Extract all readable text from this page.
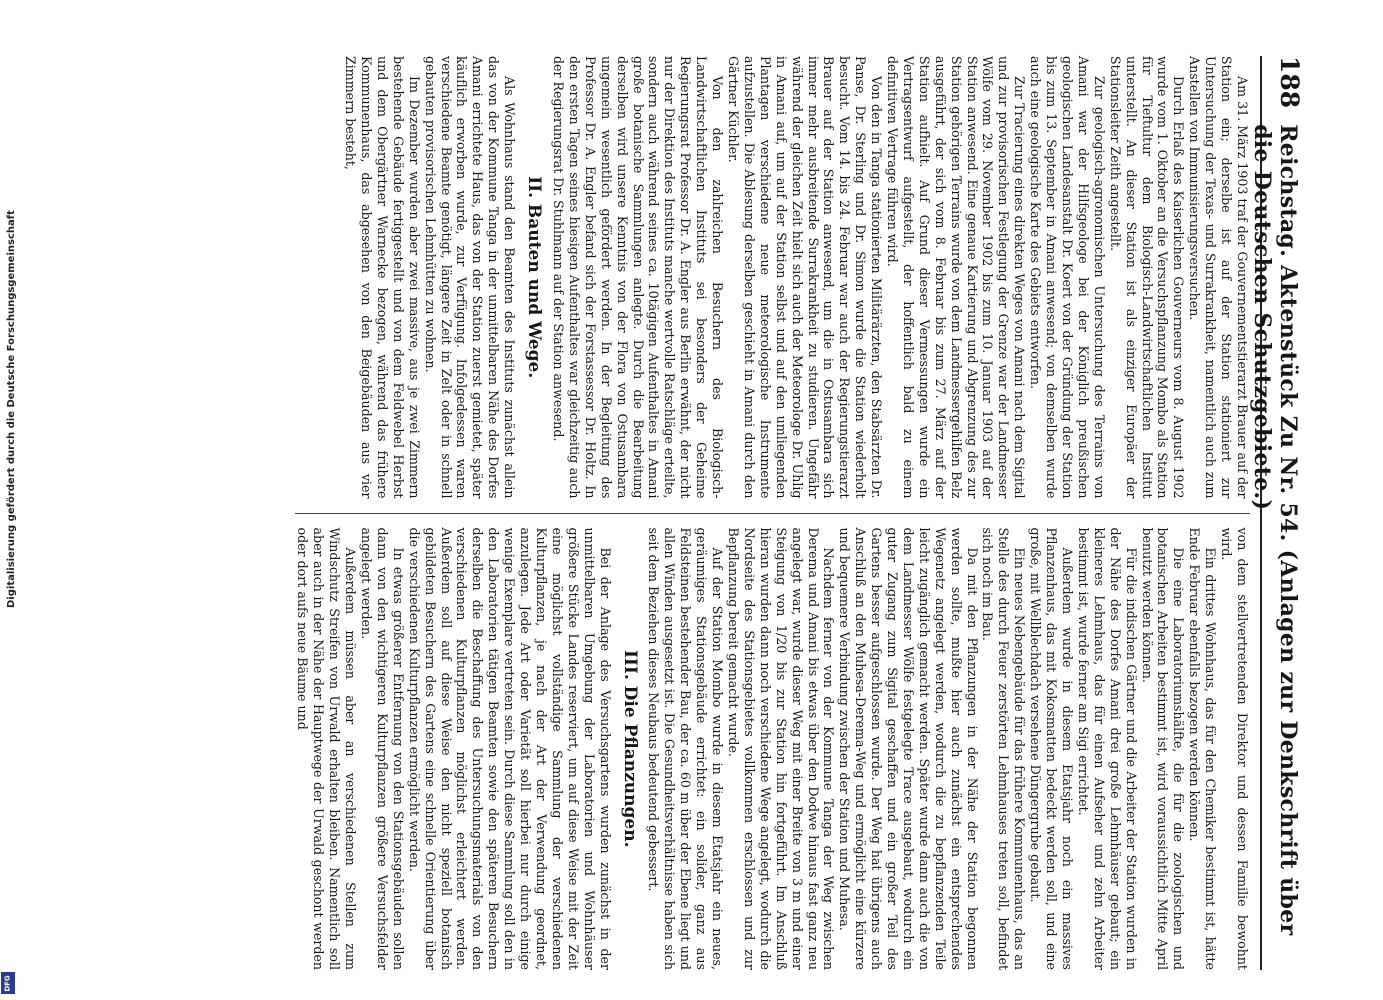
188
Reichstag. Aktenstück Zu Nr. 54. (Anlagen zur Denkschrift über die Deutschen Schutzgebiete.)

Am 31. März 1903 traf der Gouvernementstierarzt Brauer auf der Station ein; derselbe ist auf der Station stationiert zur Untersuchung der Texas- und Surrakrankheit, namentlich auch zum Anstellen von Immunisierungsversuchen.

Durch Erlaß des Kaiserlichen Gouverneurs vom 8. August 1902 wurde vom 1. Oktober an die Versuchspflanzung Mombo als Station für Tieftultur dem Biologisch-Landwirtschaftlichen Institut unterstellt. An dieser Station ist als einziger Europäer der Stationsleiter Zeith angestellt.

Zur geologisch-agronomischen Untersuchung des Terrains von Amani war der Hilfsgeologe bei der Königlich preußischen geologischen Landesanstalt Dr. Koert von der Gründung der Station bis zum 13. September in Amani anwesend; von demselben wurde auch eine geologische Karte des Gebiets entworfen.

Zur Tracierung eines direkten Weges von Amani nach dem Sigital und zur provisorischen Festlegung der Grenze war der Landmesser Wölfe vom 29. November 1902 bis zum 10. Januar 1903 auf der Station anwesend. Eine genaue Kartierung und Abgrenzung des zur Station gehörigen Terrains wurde von dem Landmessergehilfen Belz ausgeführt, der sich vom 8. Februar bis zum 27. März auf der Station aufhielt. Auf Grund dieser Vermessungen wurde ein Vertragsentwurf aufgestellt, der hoffentlich bald zu einem definitiven Vertrage führen wird.

Von den in Tanga stationierten Militärärzten, den Stabsärzten Dr. Panse, Dr. Sterling und Dr. Simon wurde die Station wiederholt besucht. Vom 14. bis 24. Februar war auch der Regierungstierarzt Brauer auf der Station anwesend, um die in Ostusambara sich immer mehr ausbreitende Surrakrankheit zu studieren. Ungefähr während der gleichen Zeit hielt sich auch der Meteorologe Dr. Uhlig in Amani auf, um auf der Station selbst und auf den umliegenden Plantagen verschiedene neue meteorologische Instrumente aufzustellen. Die Ablesung derselben geschieht in Amani durch den Gärtner Küchler.

Von den zahlreichen Besuchern des Biologisch-Landwirtschaftlichen Instituts sei besonders der Geheime Regierungsrat Professor Dr. A. Engler aus Berlin erwähnt, der nicht nur der Direktion des Instituts manche wertvolle Ratschläge erteilte, sondern auch während seines ca. 10tägigen Aufenthaltes in Amani große botanische Sammlungen anlegte. Durch die Bearbeitung derselben wird unsere Kenntnis von der Flora von Ostusambara ungemein wesentlich gefördert werden. In der Begleitung des Professor Dr. A. Engler befand sich der Forstassessor Dr. Holtz. In den ersten Tagen seines hiesigen Aufenthaltes war gleichzeitig auch der Regierungsrat Dr. Stuhlmann auf der Station anwesend.

II. Bauten und Wege.

Als Wohnhaus stand den Beamten des Instituts zunächst allein das von der Kommune Tanga in der unmittelbaren Nähe des Dorfes Amani errichtete Haus, das von der Station zuerst gemietet, später käuflich erworben wurde, zur Verfügung. Infolgedessen waren verschiedene Beamte genötigt, längere Zeit in Zelt oder in schnell gebauten provisorischen Lehmhütten zu wohnen.

Im Dezember wurden aber zwei massive, aus je zwei Zimmern bestehende Gebäude fertiggestellt und von dem Feldwebel Herbst und dem Obergärtner Warnecke bezogen, während das frühere Kommunenhaus, das abgesehen von den Beigebäuden aus vier Zimmern besteht,

von dem stellvertretenden Direktor und dessen Familie bewohnt wird.

Ein drittes Wohnhaus, das für den Chemiker bestimmt ist, hätte Ende Februar ebenfalls bezogen werden können.

Die eine Laboratoriumshälfte, die für die zoologischen und botanischen Arbeiten bestimmt ist, wird voraussichtlich Mitte April benutzt werden können.

Für die indischen Gärtner und die Arbeiter der Station wurden in der Nähe des Dorfes Amani drei große Lehmhäuser gebaut; ein kleineres Lehmhaus, das für einen Aufseher und zehn Arbeiter bestimmt ist, wurde ferner am Sigi errichtet.

Außerdem wurde in diesem Etatsjahr noch ein massives Pflanzenhaus, das mit Kokosmatten bedeckt werden soll, und eine große, mit Wellblechdach versehene Düngergrube gebaut.

Ein neues Nebengebäude für das frühere Kommunenhaus, das an Stelle des durch Feuer zerstörten Lehmhauses treten soll, befindet sich noch im Bau.

Da mit den Pflanzungen in der Nähe der Station begonnen werden sollte, mußte hier auch zunächst ein entsprechendes Wegenetz angelegt werden, wodurch die zu bepflanzenden Teile leicht zugänglich gemacht werden. Später wurde dann auch die von dem Landmesser Wölfe festgelegte Trace ausgebaut, wodurch ein guter Zugang zum Sigital geschaffen und ein großer Teil des Gartens besser aufgeschlossen wurde. Der Weg hat übrigens auch Anschluß an den Muhesa-Derema-Weg und ermöglicht eine kürzere und bequemere Verbindung zwischen der Station und Muhesa.

Nachdem ferner von der Kommune Tanga der Weg zwischen Derema und Amani bis etwas über den Dodwe hinaus fast ganz neu angelegt war, wurde dieser Weg mit einer Breite von 3 m und einer Steigung von 1/20 bis zur Station hin fortgeführt. Im Anschluß hieran wurden dann noch verschiedene Wege angelegt, wodurch die Nordseite des Stationsgebietes vollkommen erschlossen und zur Bepflanzung bereit gemacht wurde.

Auf der Station Mombo wurde in diesem Etatsjahr ein neues, geräumiges Stationsgebäude errichtet: ein solider, ganz aus Feldsteinen bestehender Bau, der ca. 60 m über der Ebene liegt und allen Winden ausgesetzt ist. Die Gesundheitsverhältnisse haben sich seit dem Beziehen dieses Neubaus bedeutend gebessert.

III. Die Pflanzungen.

Bei der Anlage des Versuchsgartens wurden zunächst in der unmittelbaren Umgebung der Laboratorien und Wohnhäuser größere Stücke Landes reserviert, um auf diese Weise mit der Zeit eine möglichst vollständige Sammlung der verschiedenen Kulturpflanzen, je nach der Art der Verwendung geordnet, anzulegen. Jede Art oder Varietät soll hierbei nur durch einige wenige Exemplare vertreten sein. Durch diese Sammlung soll den in den Laboratorien tätigen Beamten sowie den späteren Besuchern derselben die Beschaffung des Untersuchungsmaterials von den verschiedenen Kulturpflanzen möglichst erleichtert werden. Außerdem soll auf diese Weise den nicht speziell botanisch gebildeten Besuchern des Gartens eine schnelle Orientierung über die verschiedenen Kulturpflanzen ermöglicht werden.

In etwas größerer Entfernung von den Stationsgebäuden sollen dann von den wichtigeren Kulturpflanzen größere Versuchsfelder angelegt werden.

Außerdem müssen aber an verschiedenen Stellen zum Windschutz Streifen von Urwald erhalten bleiben. Namentlich soll aber auch in der Nähe der Hauptwege der Urwald geschont werden oder dort aufs neue Bäume und

Digitalisierung gefördert durch die Deutsche Forschungsgemeinschaft
DFG
